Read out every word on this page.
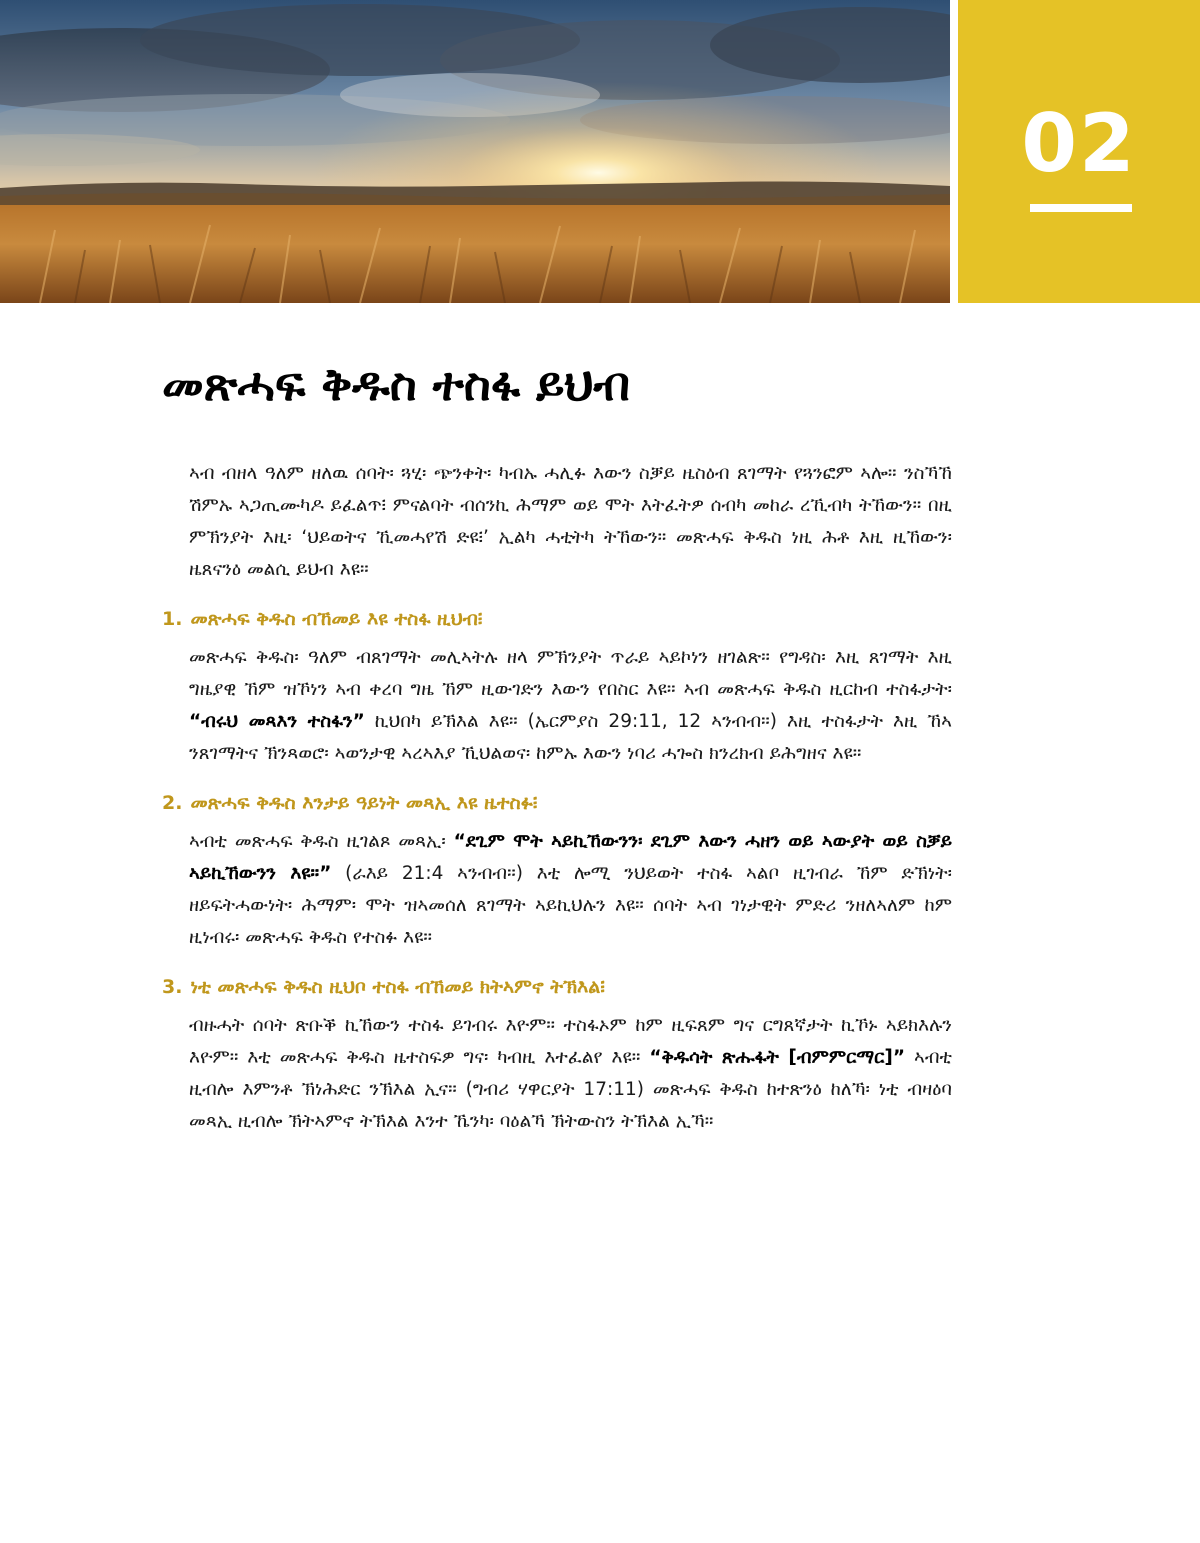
02
መጽሓፍ ቅዱስ ተስፋ ይህብ

ኣብ ብዘላ ዓለም ዘለዉ ሰባት፡ ጓሂ፡ ጭንቀት፡ ካብኡ ሓሊፉ እውን ስቓይ ዜስዕብ ጸገማት የጓንፎም ኣሎ። ንስኻኸ ሽምኡ ኣጋጢሙካዶ ይፈልጥ፧ ምናልባት ብሰንኪ ሕማም ወይ ሞት እትፈትዎ ሰብካ መከራ ረኺብካ ትኸውን። በዚ ምኽንያት እዚ፡ ‘ህይወትና ኺመሓየሽ ድዩ፧’ ኢልካ ሓቲትካ ትኸውን። መጽሓፍ ቅዱስ ነዚ ሕቶ እዚ ዚኸውን፡ ዜጸናንዕ መልሲ ይህብ እዩ።

1. መጽሓፍ ቅዱስ ብኸመይ እዩ ተስፋ ዚህብ፧

መጽሓፍ ቅዱስ፡ ዓለም ብጸገማት መሊኣትሉ ዘላ ምኽንያት ጥራይ ኣይኮነን ዘገልጽ። የግዳስ፡ እዚ ጸገማት እዚ ግዜያዊ ኸም ዝኾነን ኣብ ቀረባ ግዜ ኸም ዚውገድን እውን የበስር እዩ። ኣብ መጽሓፍ ቅዱስ ዚርከብ ተስፋታት፡ “ብሩህ መጻእን ተስፋን” ኪህበካ ይኽእል እዩ። (ኤርምያስ 29:11, 12 ኣንብብ።) እዚ ተስፋታት እዚ ኸኣ ንጸገማትና ኽንጻወሮ፡ ኣወንታዊ ኣረኣእያ ኺህልወና፡ ከምኡ እውን ነባሪ ሓጐስ ክንረክብ ይሕግዘና እዩ።

2. መጽሓፍ ቅዱስ እንታይ ዓይነት መጻኢ እዩ ዜተስፉ፧

ኣብቲ መጽሓፍ ቅዱስ ዚገልጾ መጻኢ፡ “ደጊም ሞት ኣይኪኸውንን፡ ደጊም እውን ሓዘን ወይ ኣውያት ወይ ስቓይ ኣይኪኸውንን እዩ።” (ራእይ 21:4 ኣንብብ።) እቲ ሎሚ ንህይወት ተስፋ ኣልቦ ዚገብራ ኸም ድኽነት፡ ዘይፍትሓውነት፡ ሕማም፡ ሞት ዝኣመሰለ ጸገማት ኣይኪህሉን እዩ። ሰባት ኣብ ገነታዊት ምድሪ ንዘለኣለም ከም ዚነብሩ፡ መጽሓፍ ቅዱስ የተስፉ እዩ።

3. ነቲ መጽሓፍ ቅዱስ ዚህቦ ተስፋ ብኸመይ ክትኣምኖ ትኽእል፧

ብዙሓት ሰባት ጽቡቕ ኪኸውን ተስፋ ይገብሩ እዮም። ተስፋኦም ከም ዚፍጸም ግና ርግጸኛታት ኪኾኑ ኣይክእሉን እዮም። እቲ መጽሓፍ ቅዱስ ዜተስፍዎ ግና፡ ካብዚ እተፈልየ እዩ። “ቅዱሳት ጽሑፋት [ብምምርማር]” ኣብቲ ዚብሎ እምንቶ ኽነሕድር ንኽእል ኢና። (ግብሪ ሃዋርያት 17:11) መጽሓፍ ቅዱስ ከተጽንዕ ከለኻ፡ ነቲ ብዛዕባ መጻኢ ዚብሎ ኽትኣምኖ ትኽእል እንተ ኼንካ፡ ባዕልኻ ኽትውስን ትኽእል ኢኻ።
